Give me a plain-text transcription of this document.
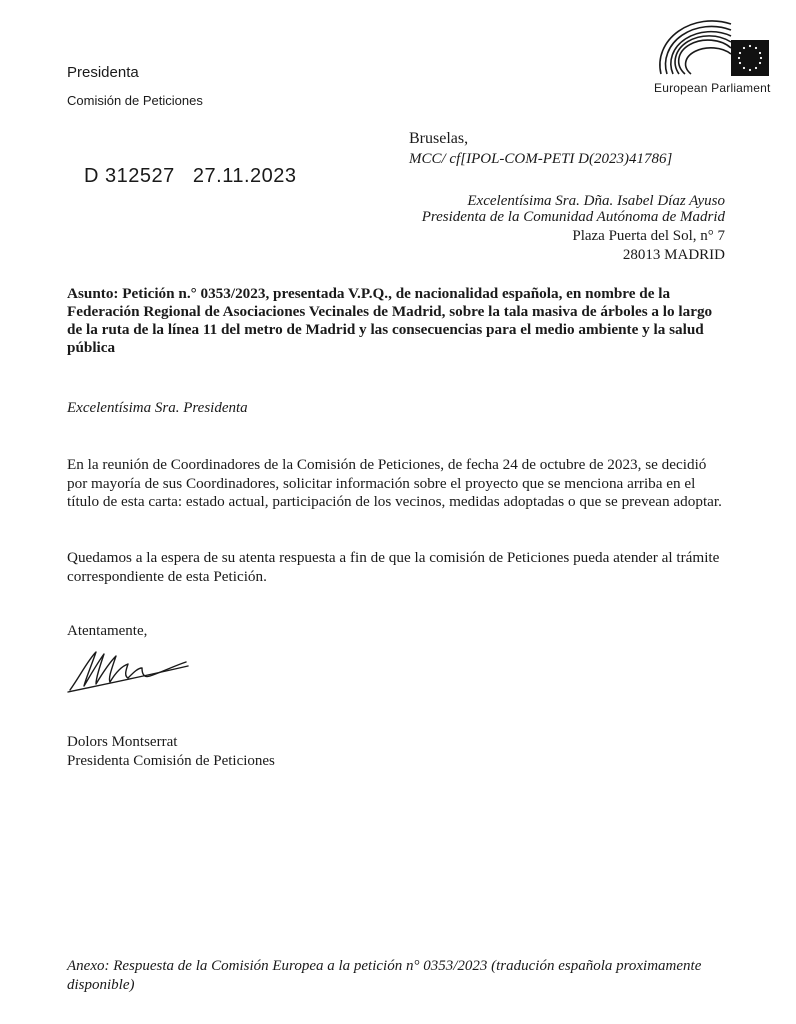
Presidenta
Comisión de Peticiones
European Parliament
Bruselas,
MCC/ cf[IPOL-COM-PETI D(2023)41786]
D 312527 27.11.2023
Excelentísima Sra. Dña. Isabel Díaz Ayuso
Presidenta de la Comunidad Autónoma de Madrid
Plaza Puerta del Sol, n° 7
28013 MADRID
Asunto: Petición n.° 0353/2023, presentada V.P.Q., de nacionalidad española, en nombre de la Federación Regional de Asociaciones Vecinales de Madrid, sobre la tala masiva de árboles a lo largo de la ruta de la línea 11 del metro de Madrid y las consecuencias para el medio ambiente y la salud pública
Excelentísima Sra. Presidenta
En la reunión de Coordinadores de la Comisión de Peticiones, de fecha 24 de octubre de 2023, se decidió por mayoría de sus Coordinadores, solicitar información sobre el proyecto que se menciona arriba en el título de esta carta: estado actual, participación de los vecinos, medidas adoptadas o que se prevean adoptar.
Quedamos a la espera de su atenta respuesta a fin de que la comisión de Peticiones pueda atender al trámite correspondiente de esta Petición.
Atentamente,
Dolors Montserrat
Presidenta Comisión de Peticiones
Anexo: Respuesta de la Comisión Europea a la petición n° 0353/2023 (tradución española proximamente disponible)
